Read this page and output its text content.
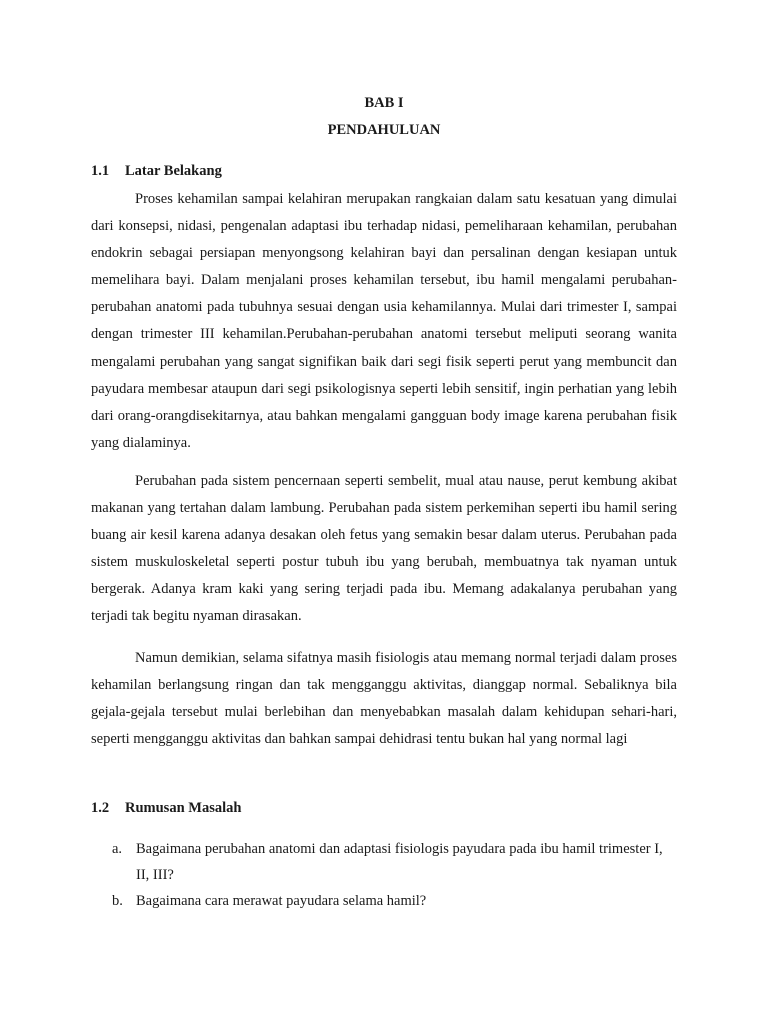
BAB I
PENDAHULUAN
1.1 Latar Belakang

Proses kehamilan sampai kelahiran merupakan rangkaian dalam satu kesatuan yang dimulai dari konsepsi, nidasi, pengenalan adaptasi ibu terhadap nidasi, pemeliharaan kehamilan, perubahan endokrin sebagai persiapan menyongsong kelahiran bayi dan persalinan dengan kesiapan untuk memelihara bayi. Dalam menjalani proses kehamilan tersebut, ibu hamil mengalami perubahan-perubahan anatomi pada tubuhnya sesuai dengan usia kehamilannya. Mulai dari trimester I, sampai dengan trimester III kehamilan.Perubahan-perubahan anatomi tersebut meliputi seorang wanita mengalami perubahan yang sangat signifikan baik dari segi fisik seperti perut yang membuncit dan payudara membesar ataupun dari segi psikologisnya seperti lebih sensitif, ingin perhatian yang lebih dari orang-orangdisekitarnya, atau bahkan mengalami gangguan body image karena perubahan fisik yang dialaminya.

Perubahan pada sistem pencernaan seperti sembelit, mual atau nause, perut kembung akibat makanan yang tertahan dalam lambung. Perubahan pada sistem perkemihan seperti ibu hamil sering buang air kesil karena adanya desakan oleh fetus yang semakin besar dalam uterus. Perubahan pada sistem muskuloskeletal seperti postur tubuh ibu yang berubah, membuatnya tak nyaman untuk bergerak. Adanya kram kaki yang sering terjadi pada ibu. Memang adakalanya perubahan yang terjadi tak begitu nyaman dirasakan.

Namun demikian, selama sifatnya masih fisiologis atau memang normal terjadi dalam proses kehamilan berlangsung ringan dan tak mengganggu aktivitas, dianggap normal. Sebaliknya bila gejala-gejala tersebut mulai berlebihan dan menyebabkan masalah dalam kehidupan sehari-hari, seperti mengganggu aktivitas dan bahkan sampai dehidrasi tentu bukan hal yang normal lagi

1.2 Rumusan Masalah
a. Bagaimana perubahan anatomi dan adaptasi fisiologis payudara pada ibu hamil trimester I, II, III?
b. Bagaimana cara merawat payudara selama hamil?
